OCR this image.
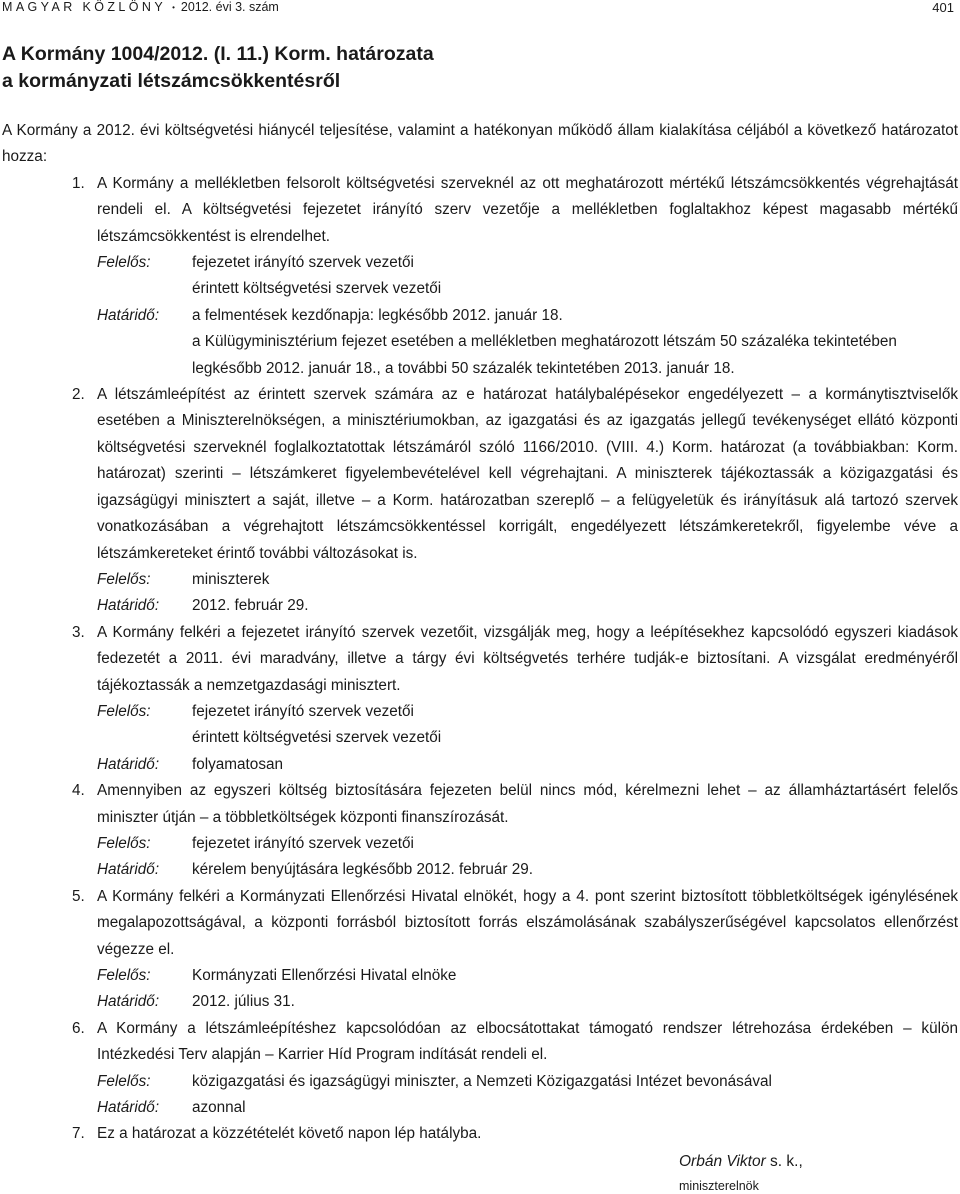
MAGYAR KÖZLÖNY • 2012. évi 3. szám	401
A Kormány 1004/2012. (I. 11.) Korm. határozata
a kormányzati létszámcsökkentésről

A Kormány a 2012. évi költségvetési hiánycél teljesítése, valamint a hatékonyan működő állam kialakítása céljából a következő határozatot hozza:

1. A Kormány a mellékletben felsorolt költségvetési szerveknél az ott meghatározott mértékű létszámcsökkentés végrehajtását rendeli el. A költségvetési fejezetet irányító szerv vezetője a mellékletben foglaltakhoz képest magasabb mértékű létszámcsökkentést is elrendelhet.
Felelős:	fejezetet irányító szervek vezetői
érintett költségvetési szervek vezetői
Határidő:	a felmentések kezdőnapja: legkésőbb 2012. január 18.
a Külügyminisztérium fejezet esetében a mellékletben meghatározott létszám 50 százaléka tekintetében legkésőbb 2012. január 18., a további 50 százalék tekintetében 2013. január 18.
2. A létszámleépítést az érintett szervek számára az e határozat hatálybalépésekor engedélyezett – a kormánytisztviselők esetében a Miniszterelnökségen, a minisztériumokban, az igazgatási és az igazgatás jellegű tevékenységet ellátó központi költségvetési szerveknél foglalkoztatottak létszámáról szóló 1166/2010. (VIII. 4.) Korm. határozat (a továbbiakban: Korm. határozat) szerinti – létszámkeret figyelembevételével kell végrehajtani. A miniszterek tájékoztassák a közigazgatási és igazságügyi minisztert a saját, illetve – a Korm. határozatban szereplő – a felügyeletük és irányításuk alá tartozó szervek vonatkozásában a végrehajtott létszámcsökkentéssel korrigált, engedélyezett létszámkeretekről, figyelembe véve a létszámkereteket érintő további változásokat is.
Felelős:	miniszterek
Határidő:	2012. február 29.
3. A Kormány felkéri a fejezetet irányító szervek vezetőit, vizsgálják meg, hogy a leépítésekhez kapcsolódó egyszeri kiadások fedezetét a 2011. évi maradvány, illetve a tárgy évi költségvetés terhére tudják-e biztosítani. A vizsgálat eredményéről tájékoztassák a nemzetgazdasági minisztert.
Felelős:	fejezetet irányító szervek vezetői
érintett költségvetési szervek vezetői
Határidő:	folyamatosan
4. Amennyiben az egyszeri költség biztosítására fejezeten belül nincs mód, kérelmezni lehet – az államháztartásért felelős miniszter útján – a többletköltségek központi finanszírozását.
Felelős:	fejezetet irányító szervek vezetői
Határidő:	kérelem benyújtására legkésőbb 2012. február 29.
5. A Kormány felkéri a Kormányzati Ellenőrzési Hivatal elnökét, hogy a 4. pont szerint biztosított többletköltségek igénylésének megalapozottságával, a központi forrásból biztosított forrás elszámolásának szabályszerűségével kapcsolatos ellenőrzést végezze el.
Felelős:	Kormányzati Ellenőrzési Hivatal elnöke
Határidő:	2012. július 31.
6. A Kormány a létszámleépítéshez kapcsolódóan az elbocsátottakat támogató rendszer létrehozása érdekében – külön Intézkedési Terv alapján – Karrier Híd Program indítását rendeli el.
Felelős:	közigazgatási és igazságügyi miniszter, a Nemzeti Közigazgatási Intézet bevonásával
Határidő:	azonnal
7. Ez a határozat a közzétételét követő napon lép hatályba.
Orbán Viktor s. k.,
miniszterelnök
